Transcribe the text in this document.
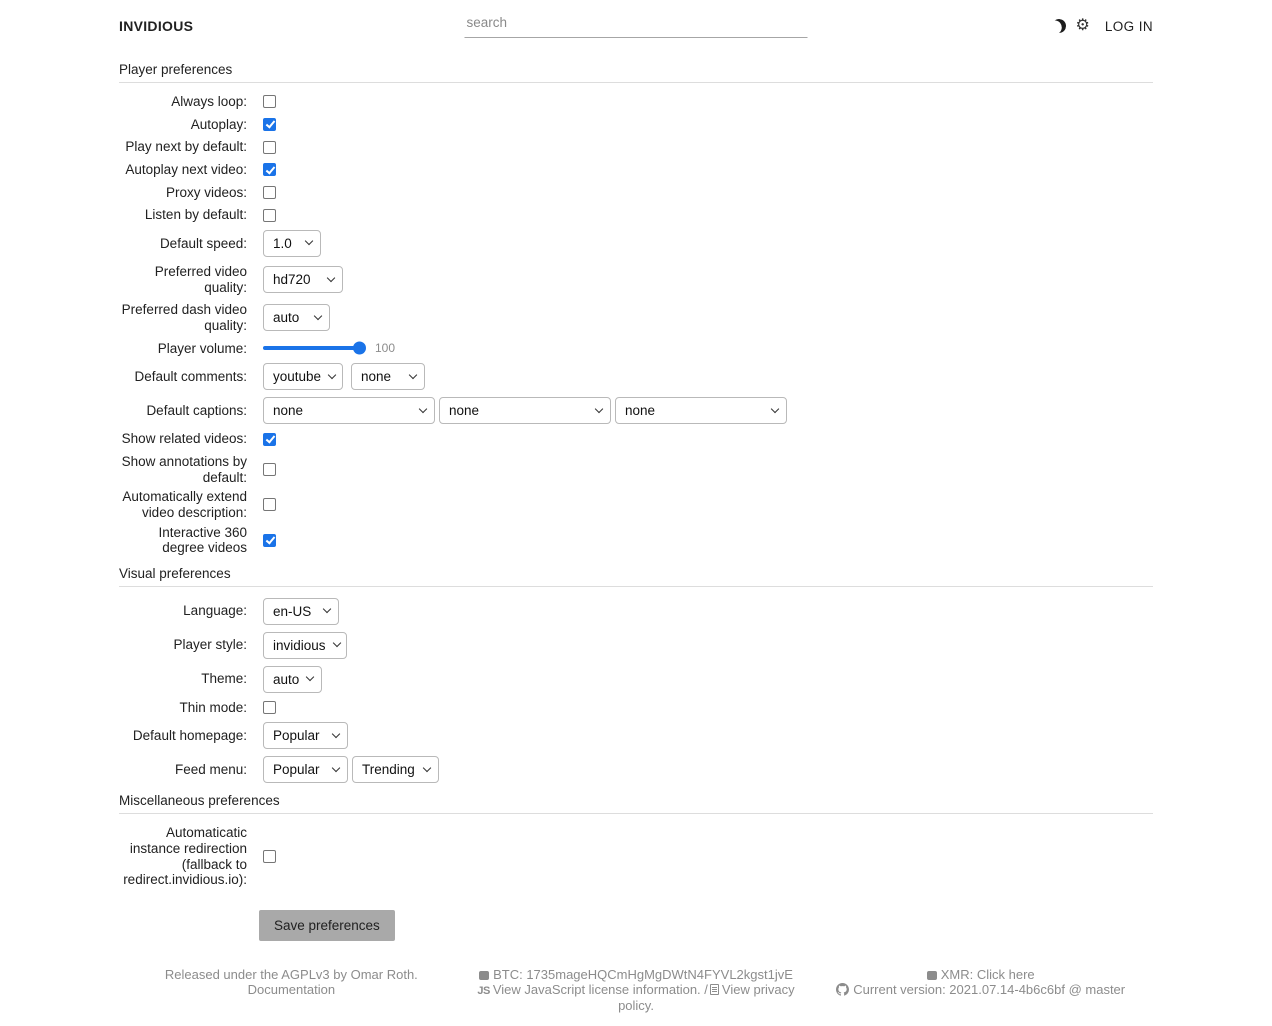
INVIDIOUS
search	⚙ LOG IN
Player preferences
Always loop:
Autoplay:
Play next by default:
Autoplay next video:
Proxy videos:
Listen by default:
Default speed: 1.0
Preferred video quality: hd720
Preferred dash video quality: auto
Player volume:	100
Default comments: youtube	none
Default captions: none	none	none
Show related videos:
Show annotations by default:
Automatically extend video description:
Interactive 360 degree videos
Visual preferences
Language: en-US
Player style: invidious
Theme: auto
Thin mode:
Default homepage: Popular
Feed menu: Popular	Trending
Miscellaneous preferences
Automaticatic instance redirection (fallback to redirect.invidious.io):
Save preferences
Released under the AGPLv3 by Omar Roth.
Documentation
BTC: 1735mageHQCmHgMgDWtN4FYVL2kgst1jvE
JS View JavaScript license information. / View privacy policy.
XMR: Click here
Current version: 2021.07.14-4b6c6bf @ master
